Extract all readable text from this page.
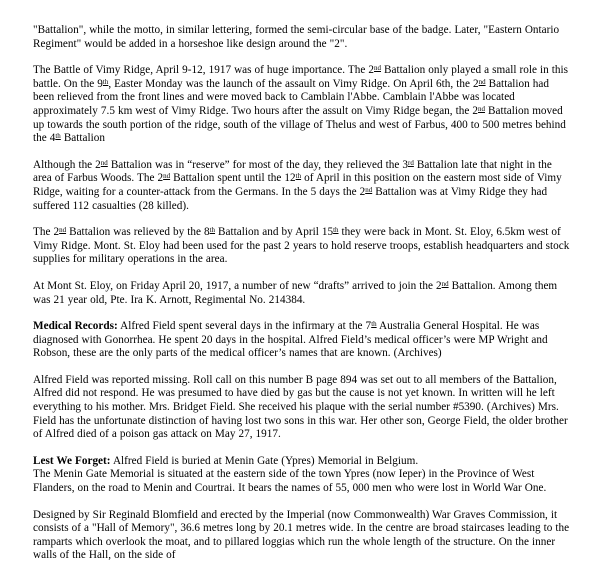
"Battalion", while the motto, in similar lettering, formed the semi-circular base of the badge. Later, "Eastern Ontario Regiment" would be added in a horseshoe like design around the "2".

The Battle of Vimy Ridge, April 9-12, 1917 was of huge importance. The 2nd Battalion only played a small role in this battle. On the 9th, Easter Monday was the launch of the assault on Vimy Ridge. On April 6th, the 2nd Battalion had been relieved from the front lines and were moved back to Camblain l'Abbe. Camblain l'Abbe was located approximately 7.5 km west of Vimy Ridge. Two hours after the assult on Vimy Ridge began, the 2nd Battalion moved up towards the south portion of the ridge, south of the village of Thelus and west of Farbus, 400 to 500 metres behind the 4th Battalion

Although the 2nd Battalion was in “reserve” for most of the day, they relieved the 3rd Battalion late that night in the area of Farbus Woods. The 2nd Battalion spent until the 12th of April in this position on the eastern most side of Vimy Ridge, waiting for a counter-attack from the Germans. In the 5 days the 2nd Battalion was at Vimy Ridge they had suffered 112 casualties (28 killed).

The 2nd Battalion was relieved by the 8th Battalion and by April 15th they were back in Mont. St. Eloy, 6.5km west of Vimy Ridge. Mont. St. Eloy had been used for the past 2 years to hold reserve troops, establish headquarters and stock supplies for military operations in the area.

At Mont St. Eloy, on Friday April 20, 1917, a number of new “drafts” arrived to join the 2nd Battalion. Among them was 21 year old, Pte. Ira K. Arnott, Regimental No. 214384.

Medical Records: Alfred Field spent several days in the infirmary at the 7th Australia General Hospital. He was diagnosed with Gonorrhea. He spent 20 days in the hospital. Alfred Field’s medical officer’s were MP Wright and Robson, these are the only parts of the medical officer’s names that are known. (Archives)

Alfred Field was reported missing. Roll call on this number B page 894 was set out to all members of the Battalion, Alfred did not respond. He was presumed to have died by gas but the cause is not yet known. In written will he left everything to his mother. Mrs. Bridget Field. She received his plaque with the serial number #5390. (Archives) Mrs. Field has the unfortunate distinction of having lost two sons in this war. Her other son, George Field, the older brother of Alfred died of a poison gas attack on May 27, 1917.

Lest We Forget: Alfred Field is buried at Menin Gate (Ypres) Memorial in Belgium.

The Menin Gate Memorial is situated at the eastern side of the town Ypres (now Ieper) in the Province of West Flanders, on the road to Menin and Courtrai. It bears the names of 55, 000 men who were lost in World War One.

Designed by Sir Reginald Blomfield and erected by the Imperial (now Commonwealth) War Graves Commission, it consists of a "Hall of Memory", 36.6 metres long by 20.1 metres wide. In the centre are broad staircases leading to the ramparts which overlook the moat, and to pillared loggias which run the whole length of the structure. On the inner walls of the Hall, on the side of
